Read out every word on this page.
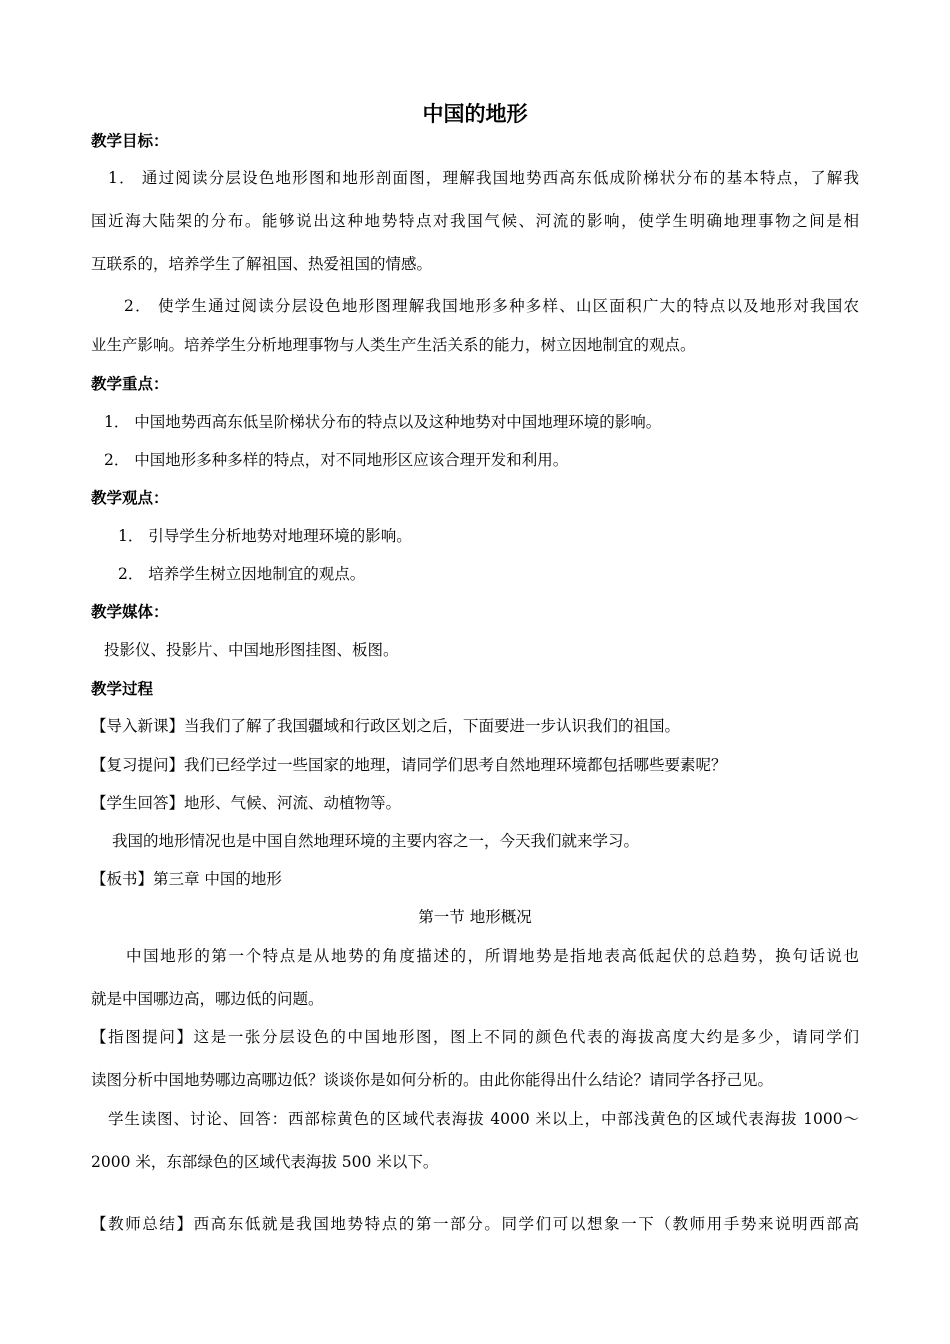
中国的地形
教学目标：
1． 通过阅读分层设色地形图和地形剖面图，理解我国地势西高东低成阶梯状分布的基本特点，了解我
国近海大陆架的分布。能够说出这种地势特点对我国气候、河流的影响，使学生明确地理事物之间是相
互联系的，培养学生了解祖国、热爱祖国的情感。
2． 使学生通过阅读分层设色地形图理解我国地形多种多样、山区面积广大的特点以及地形对我国农
业生产影响。培养学生分析地理事物与人类生产生活关系的能力，树立因地制宜的观点。
教学重点：
1． 中国地势西高东低呈阶梯状分布的特点以及这种地势对中国地理环境的影响。
2． 中国地形多种多样的特点，对不同地形区应该合理开发和利用。
教学观点：
1． 引导学生分析地势对地理环境的影响。
2． 培养学生树立因地制宜的观点。
教学媒体：
投影仪、投影片、中国地形图挂图、板图。
教学过程
【导入新课】当我们了解了我国疆域和行政区划之后，下面要进一步认识我们的祖国。
【复习提问】我们已经学过一些国家的地理，请同学们思考自然地理环境都包括哪些要素呢？
【学生回答】地形、气候、河流、动植物等。
我国的地形情况也是中国自然地理环境的主要内容之一，今天我们就来学习。
【板书】第三章 中国的地形
第一节 地形概况
中国地形的第一个特点是从地势的角度描述的，所谓地势是指地表高低起伏的总趋势，换句话说也
就是中国哪边高，哪边低的问题。
【指图提问】这是一张分层设色的中国地形图，图上不同的颜色代表的海拔高度大约是多少，请同学们
读图分析中国地势哪边高哪边低？谈谈你是如何分析的。由此你能得出什么结论？请同学各抒己见。
学生读图、讨论、回答：西部棕黄色的区域代表海拔 4000 米以上，中部浅黄色的区域代表海拔 1000～
2000 米，东部绿色的区域代表海拔 500 米以下。
【教师总结】西高东低就是我国地势特点的第一部分。同学们可以想象一下（教师用手势来说明西部高
